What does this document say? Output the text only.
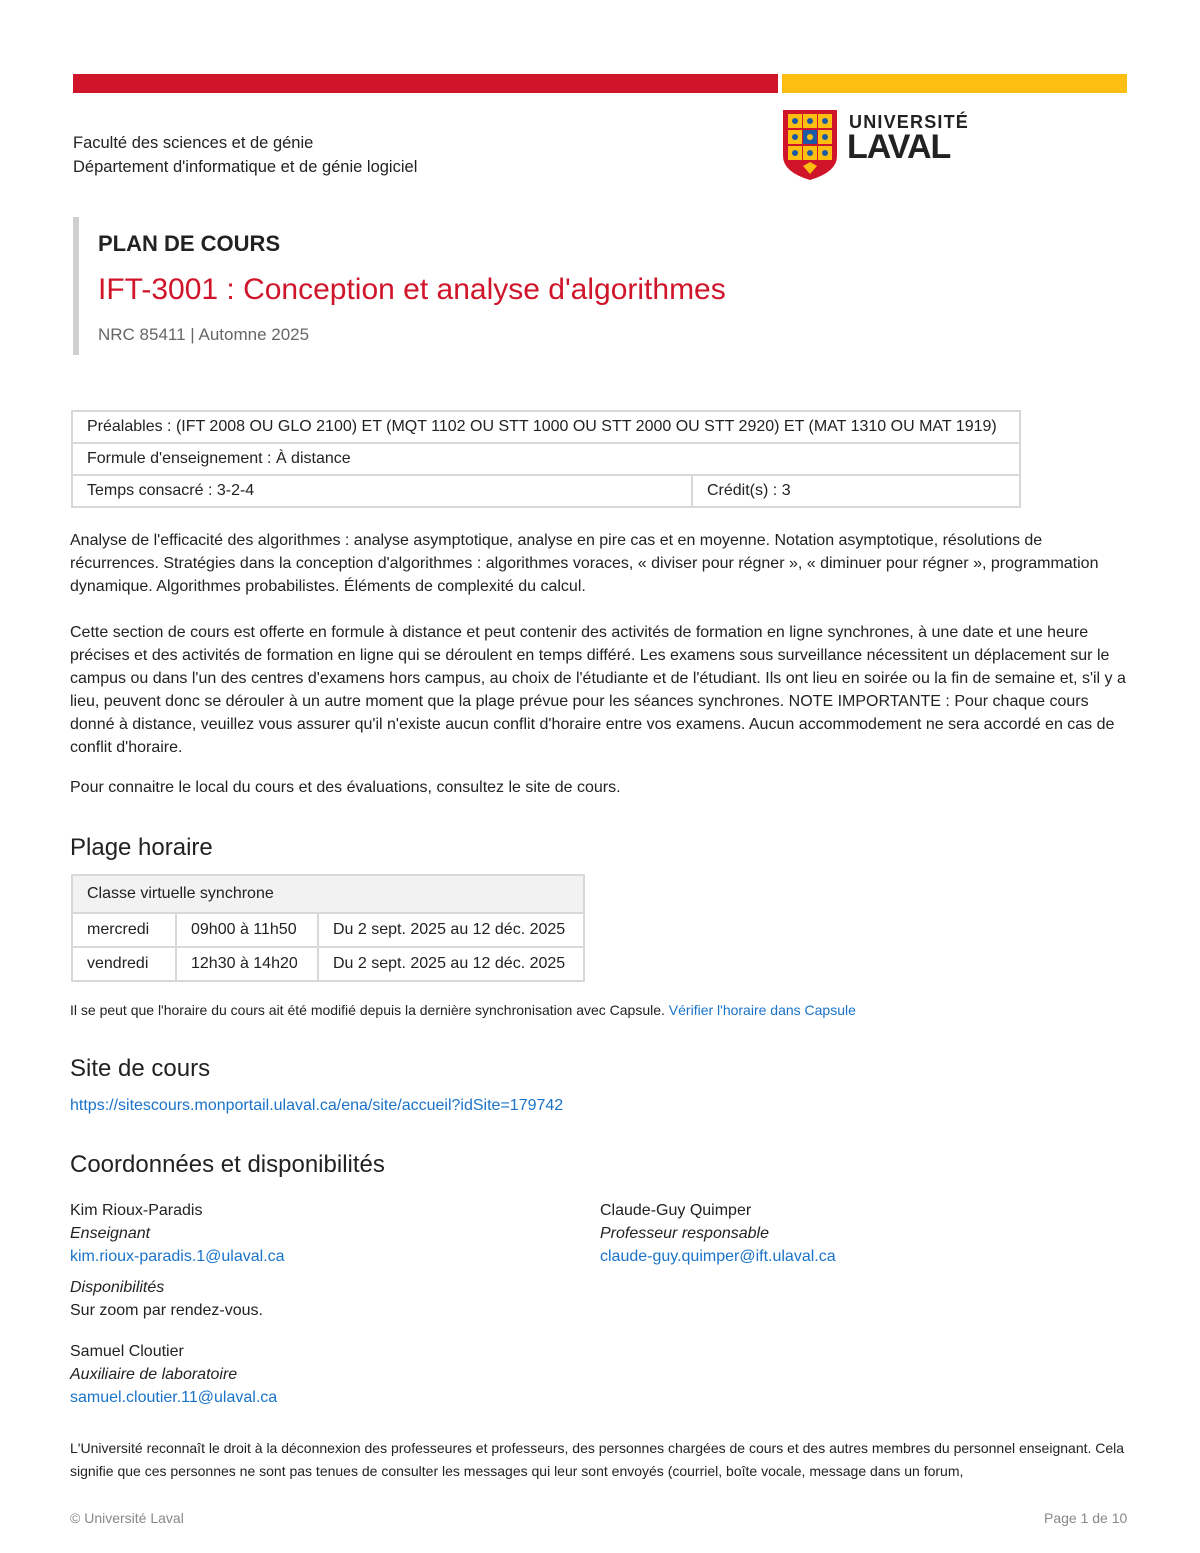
Faculté des sciences et de génie
Département d'informatique et de génie logiciel
UNIVERSITÉ
LAVAL
PLAN DE COURS
IFT-3001 : Conception et analyse d'algorithmes
NRC 85411 | Automne 2025
Préalables : (IFT 2008 OU GLO 2100) ET (MQT 1102 OU STT 1000 OU STT 2000 OU STT 2920) ET (MAT 1310 OU MAT 1919)
Formule d'enseignement : À distance
Temps consacré : 3-2-4	Crédit(s) : 3

Analyse de l'efficacité des algorithmes : analyse asymptotique, analyse en pire cas et en moyenne. Notation asymptotique, résolutions de récurrences. Stratégies dans la conception d'algorithmes : algorithmes voraces, « diviser pour régner », « diminuer pour régner », programmation dynamique. Algorithmes probabilistes. Éléments de complexité du calcul.

Cette section de cours est offerte en formule à distance et peut contenir des activités de formation en ligne synchrones, à une date et une heure précises et des activités de formation en ligne qui se déroulent en temps différé. Les examens sous surveillance nécessitent un déplacement sur le campus ou dans l'un des centres d'examens hors campus, au choix de l'étudiante et de l'étudiant. Ils ont lieu en soirée ou la fin de semaine et, s'il y a lieu, peuvent donc se dérouler à un autre moment que la plage prévue pour les séances synchrones. NOTE IMPORTANTE : Pour chaque cours donné à distance, veuillez vous assurer qu'il n'existe aucun conflit d'horaire entre vos examens. Aucun accommodement ne sera accordé en cas de conflit d'horaire.

Pour connaitre le local du cours et des évaluations, consultez le site de cours.

Plage horaire
Classe virtuelle synchrone		
mercredi	09h00 à 11h50	Du 2 sept. 2025 au 12 déc. 2025
vendredi	12h30 à 14h20	Du 2 sept. 2025 au 12 déc. 2025
Il se peut que l'horaire du cours ait été modifié depuis la dernière synchronisation avec Capsule. Vérifier l'horaire dans Capsule
Site de cours
https://sitescours.monportail.ulaval.ca/ena/site/accueil?idSite=179742
Coordonnées et disponibilités
Kim Rioux-Paradis
Enseignant
kim.rioux-paradis.1@ulaval.ca
Disponibilités
Sur zoom par rendez-vous.
Claude-Guy Quimper
Professeur responsable
claude-guy.quimper@ift.ulaval.ca
Samuel Cloutier
Auxiliaire de laboratoire
samuel.cloutier.11@ulaval.ca
L'Université reconnaît le droit à la déconnexion des professeures et professeurs, des personnes chargées de cours et des autres membres du personnel enseignant. Cela signifie que ces personnes ne sont pas tenues de consulter les messages qui leur sont envoyés (courriel, boîte vocale, message dans un forum,
© Université Laval	Page 1 de 10
